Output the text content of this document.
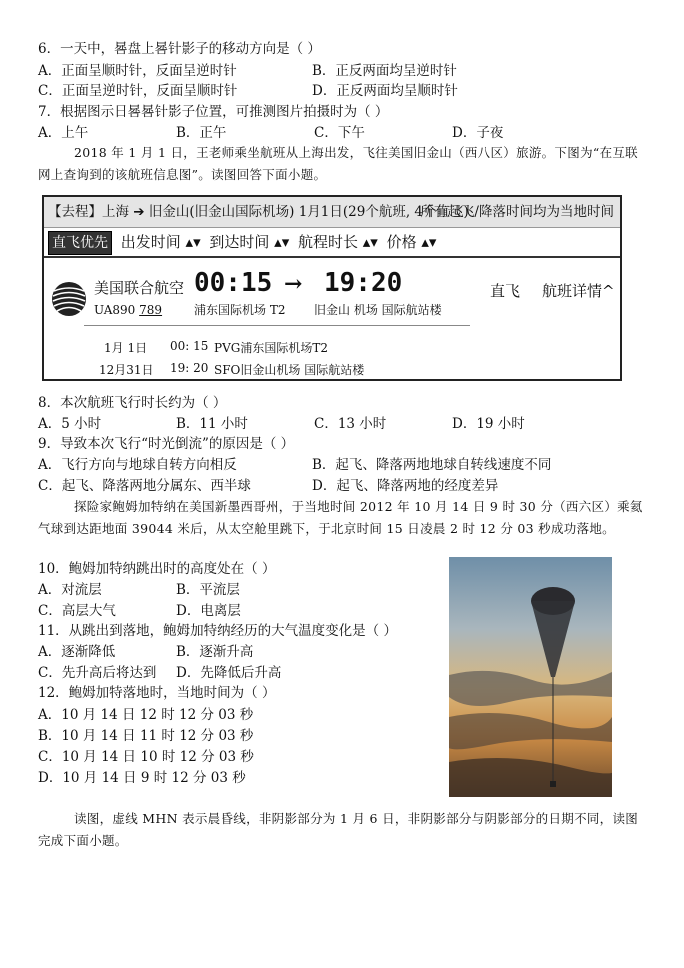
6．一天中，晷盘上晷针影子的移动方向是（ ）
A．正面呈顺时针，反面呈逆时针	B．正反两面均呈逆时针
C．正面呈逆时针，反面呈顺时针	D．正反两面均呈顺时针
7．根据图示日晷晷针影子位置，可推测图片拍摄时为（ ）
A．上午	B．正午	C．下午	D．子夜
2018 年 1 月 1 日，王老师乘坐航班从上海出发，飞往美国旧金山（西八区）旅游。下图为“在互联网上查询到的该航班信息图”。读图回答下面小题。
【去程】上海 ➔ 旧金山(旧金山国际机场) 1月1日(29个航班, 4个直飞)
所有起飞/降落时间均为当地时间
直飞优先 出发时间 ▴▾ 到达时间 ▴▾ 航程时长 ▴▾ 价格 ▴▾
美国联合航空
UA890 789
00:15 → 19:20
浦东国际机场 T2 旧金山 机场 国际航站楼
直飞 航班详情^
1月 1日 00: 15 PVG浦东国际机场T2
12月31日 19: 20 SFO旧金山机场 国际航站楼
8．本次航班飞行时长约为（ ）
A．5 小时	B．11 小时	C．13 小时	D．19 小时
9．导致本次飞行“时光倒流”的原因是（ ）
A．飞行方向与地球自转方向相反	B．起飞、降落两地地球自转线速度不同
C．起飞、降落两地分属东、西半球	D．起飞、降落两地的经度差异
探险家鲍姆加特纳在美国新墨西哥州，于当地时间 2012 年 10 月 14 日 9 时 30 分（西六区）乘氦气球到达距地面 39044 米后，从太空舱里跳下，于北京时间 15 日凌晨 2 时 12 分 03 秒成功落地。
10．鲍姆加特纳跳出时的高度处在（ ）
A．对流层	B．平流层
C．高层大气	D．电离层
11．从跳出到落地，鲍姆加特纳经历的大气温度变化是（ ）
A．逐渐降低	B．逐渐升高
C．先升高后将达到 D．先降低后升高
12．鲍姆加特落地时，当地时间为（ ）
A．10 月 14 日 12 时 12 分 03 秒
B．10 月 14 日 11 时 12 分 03 秒
C．10 月 14 日 10 时 12 分 03 秒
D．10 月 14 日 9 时 12 分 03 秒
读图，虚线 MHN 表示晨昏线，非阴影部分为 1 月 6 日，非阴影部分与阴影部分的日期不同，读图完成下面小题。
